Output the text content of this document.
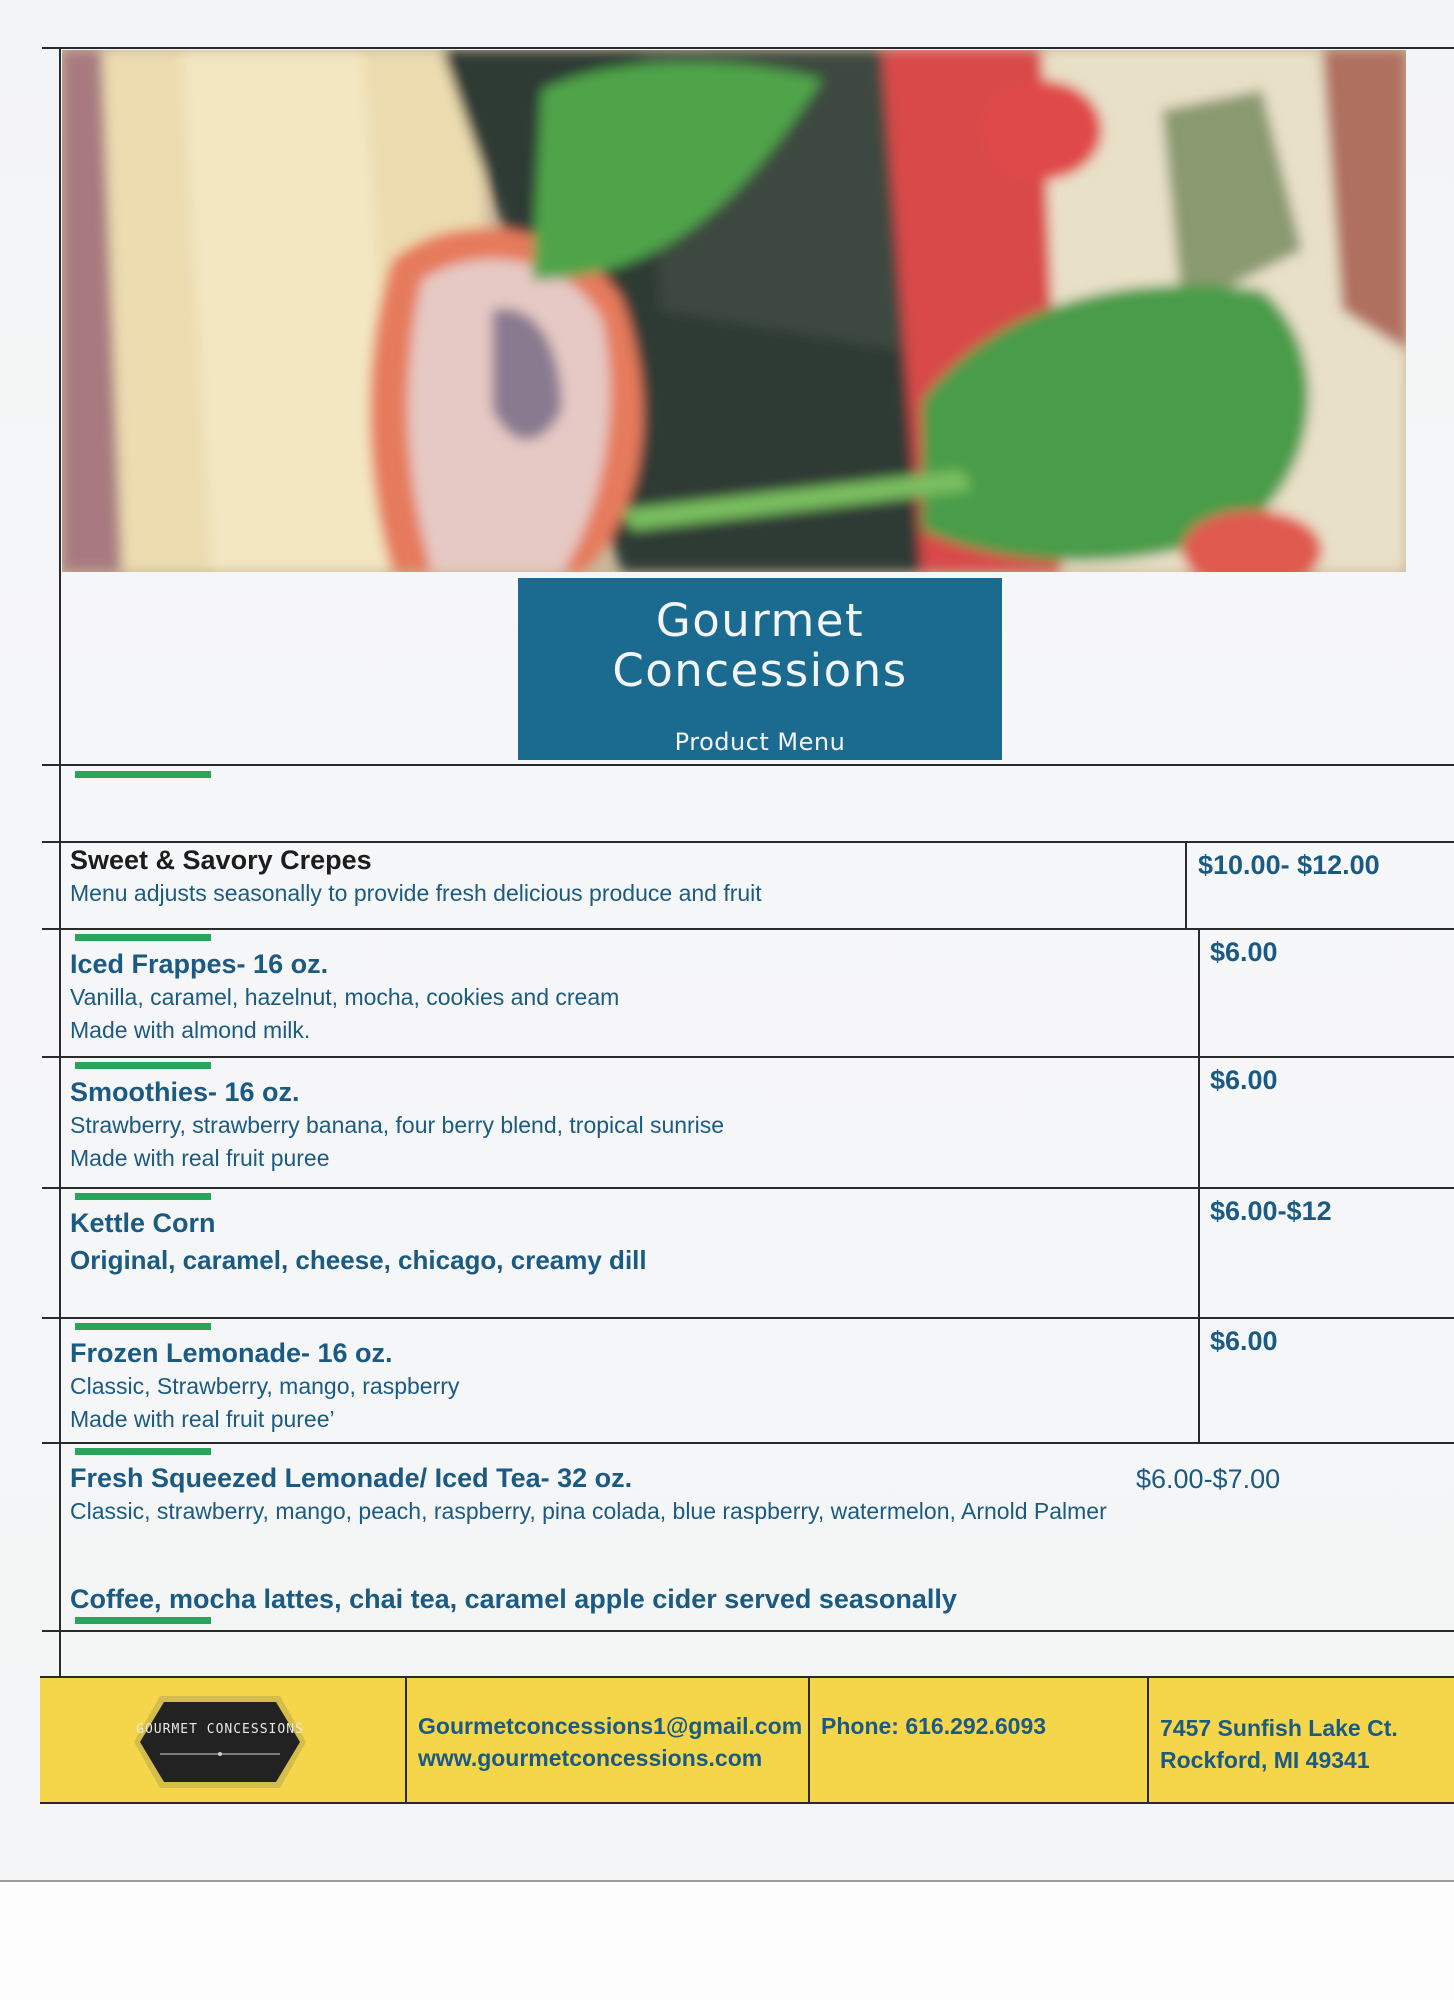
Gourmet
Concessions
Product Menu
Sweet & Savory Crepes
Menu adjusts seasonally to provide fresh delicious produce and fruit
$10.00- $12.00
Iced Frappes- 16 oz.
Vanilla, caramel, hazelnut, mocha, cookies and cream
Made with almond milk.
$6.00
Smoothies- 16 oz.
Strawberry, strawberry banana, four berry blend, tropical sunrise
Made with real fruit puree
$6.00
Kettle Corn
Original, caramel, cheese, chicago, creamy dill
$6.00-$12
Frozen Lemonade- 16 oz.
Classic, Strawberry, mango, raspberry
Made with real fruit puree’
$6.00
Fresh Squeezed Lemonade/ Iced Tea- 32 oz.
Classic, strawberry, mango, peach, raspberry, pina colada, blue raspberry, watermelon, Arnold Palmer
$6.00-$7.00
Coffee, mocha lattes, chai tea, caramel apple cider served seasonally
GOURMET CONCESSIONS	Gourmetconcessions1@gmail.com
www.gourmetconcessions.com
Phone: 616.292.6093	7457 Sunfish Lake Ct.
Rockford, MI 49341
